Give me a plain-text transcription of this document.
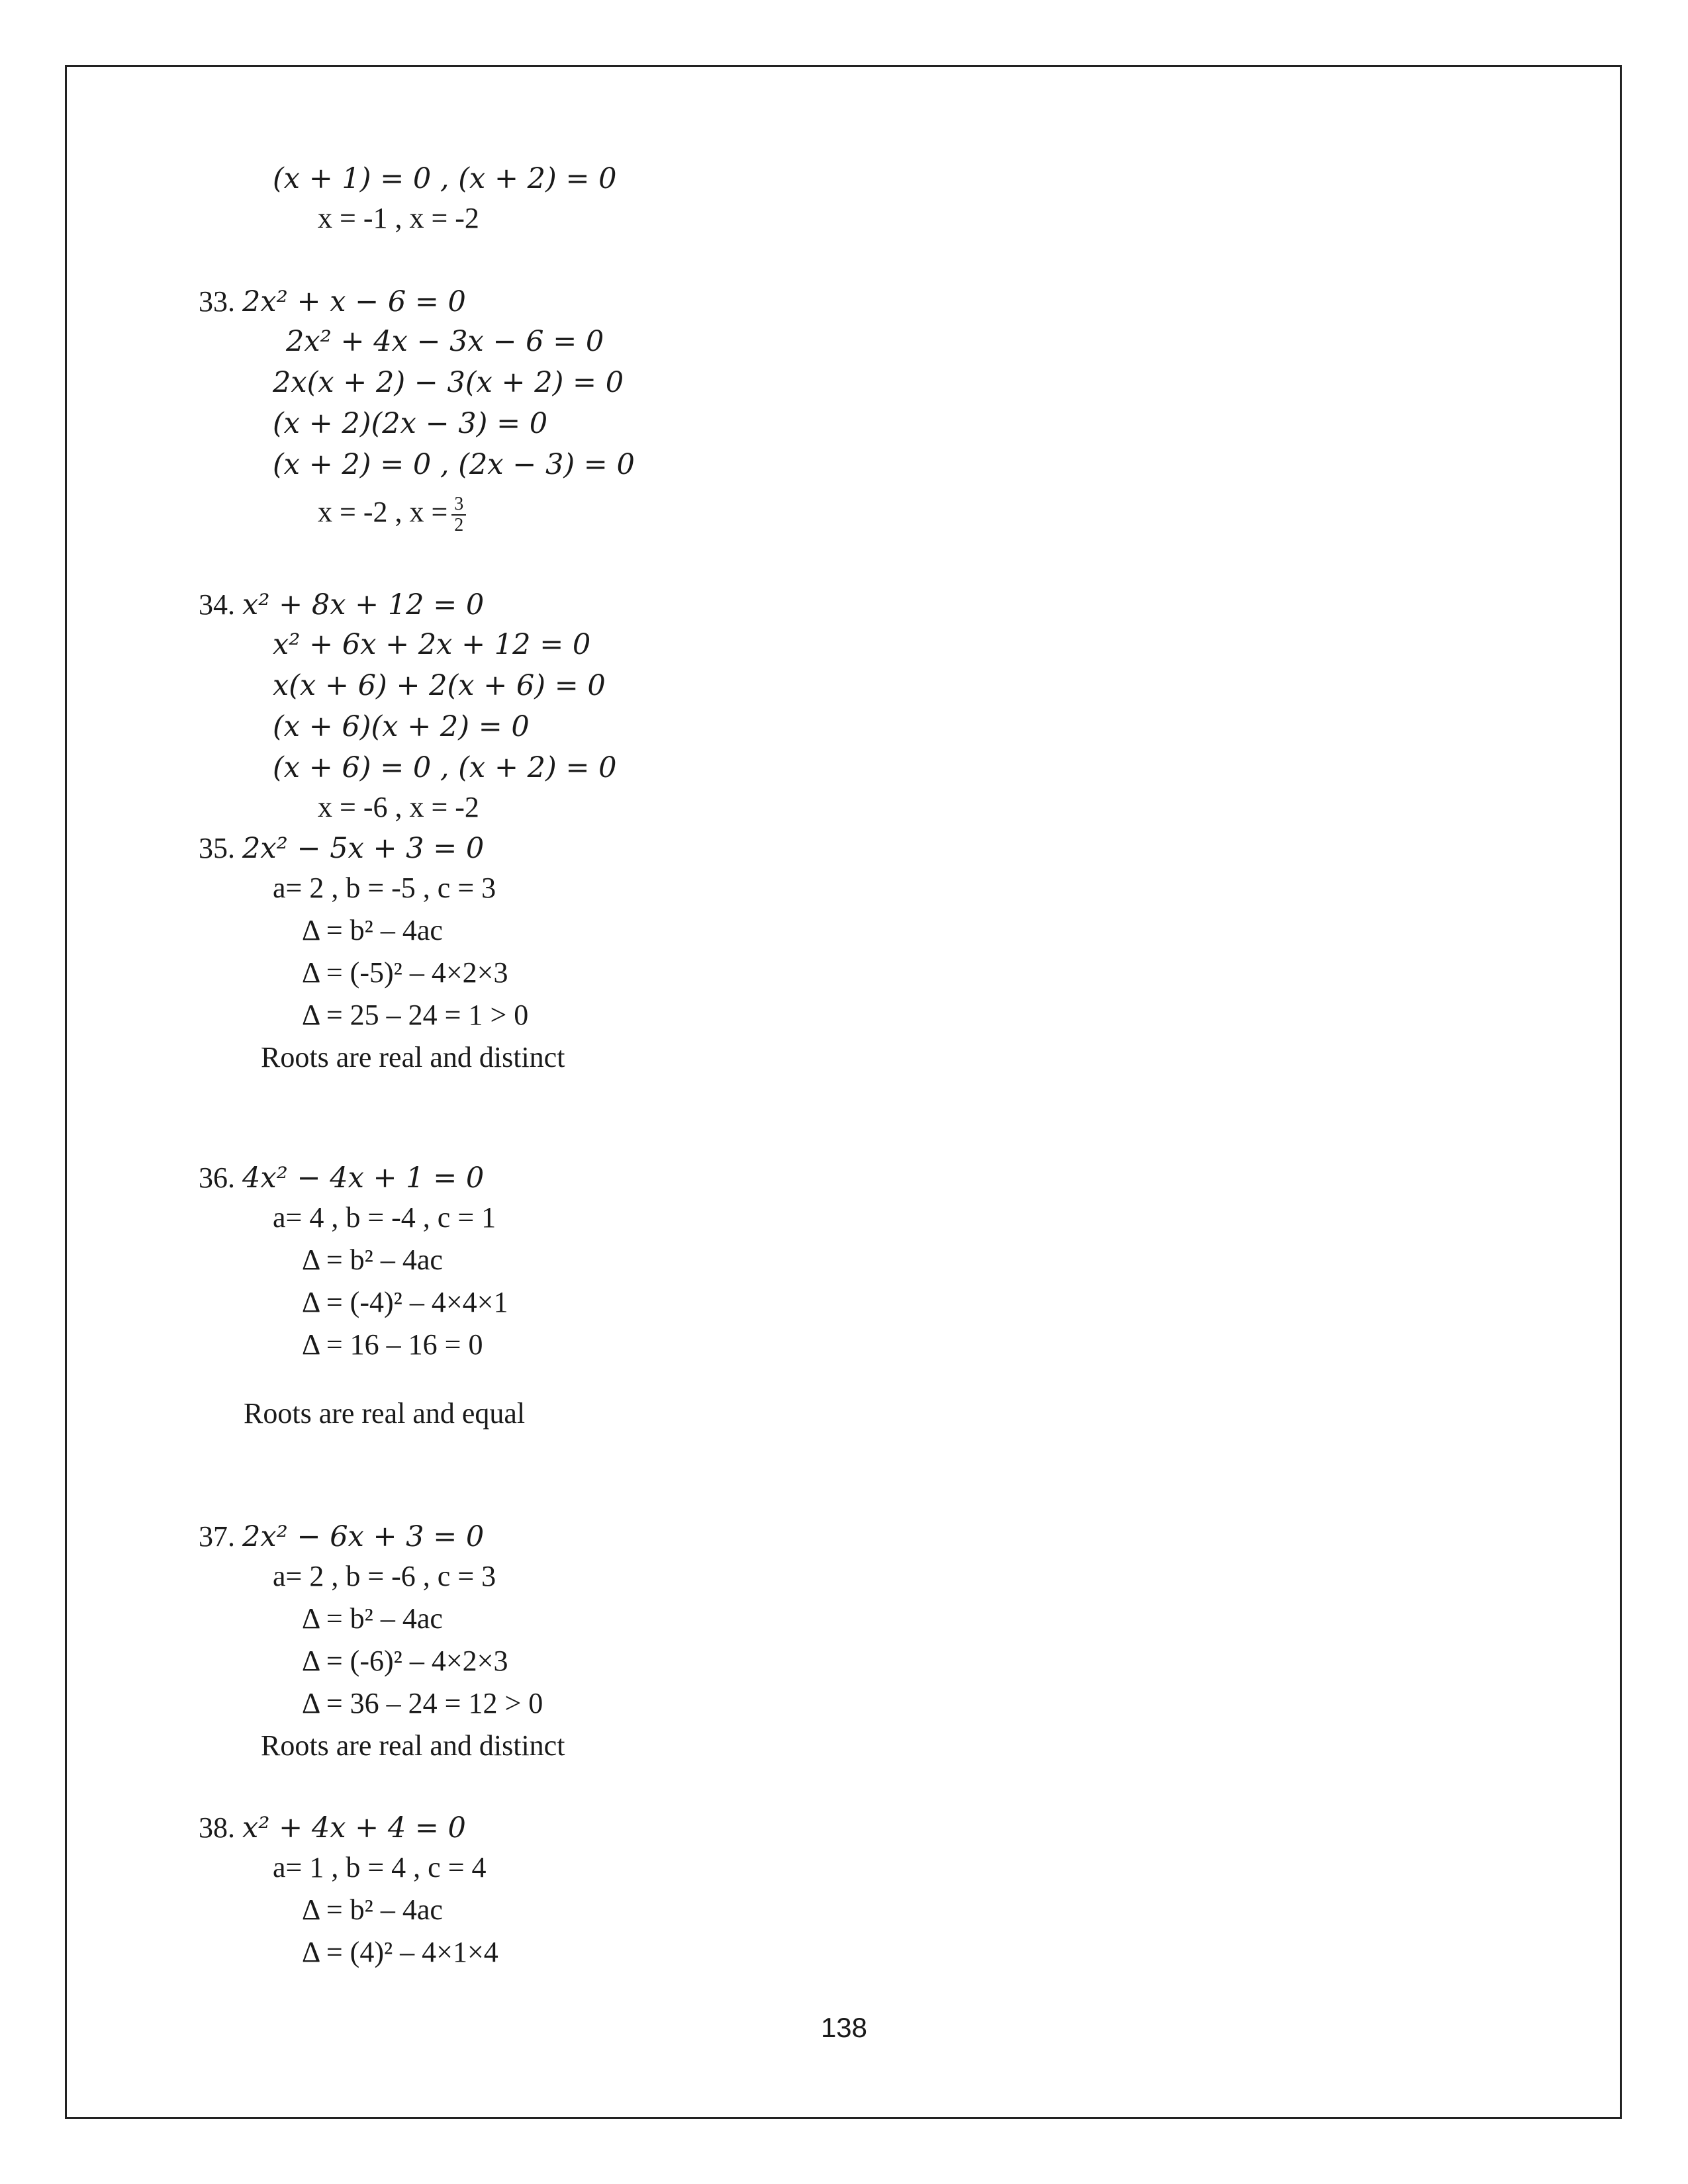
(x + 1) = 0 , (x + 2) = 0
x = -1 , x = -2
33. 2x² + x − 6 = 0
2x² + 4x − 3x − 6 = 0
2x(x + 2) − 3(x + 2) = 0
(x + 2)(2x − 3) = 0
(x + 2) = 0 , (2x − 3) = 0
x = -2 , $x = \frac{3}{2}$
34. x² + 8x + 12 = 0
x² + 6x + 2x + 12 = 0
x(x + 6) + 2(x + 6) = 0
(x + 6)(x + 2) = 0
(x + 6) = 0 , (x + 2) = 0
x = -6 , x = -2
35. 2x² − 5x + 3 = 0
a= 2 , b = -5 , c = 3
Δ = b² – 4ac
Δ = (-5)² – 4×2×3
Δ = 25 – 24 = 1 > 0
Roots are real and distinct
36. 4x² − 4x + 1 = 0
a= 4 , b = -4 , c = 1
Δ = b² – 4ac
Δ = (-4)² – 4×4×1
Δ = 16 – 16 = 0
Roots are real and equal
37. 2x² − 6x + 3 = 0
a= 2 , b = -6 , c = 3
Δ = b² – 4ac
Δ = (-6)² – 4×2×3
Δ = 36 – 24 = 12 > 0
Roots are real and distinct
38. x² + 4x + 4 = 0
a= 1 , b = 4 , c = 4
Δ = b² – 4ac
Δ = (4)² – 4×1×4
138
